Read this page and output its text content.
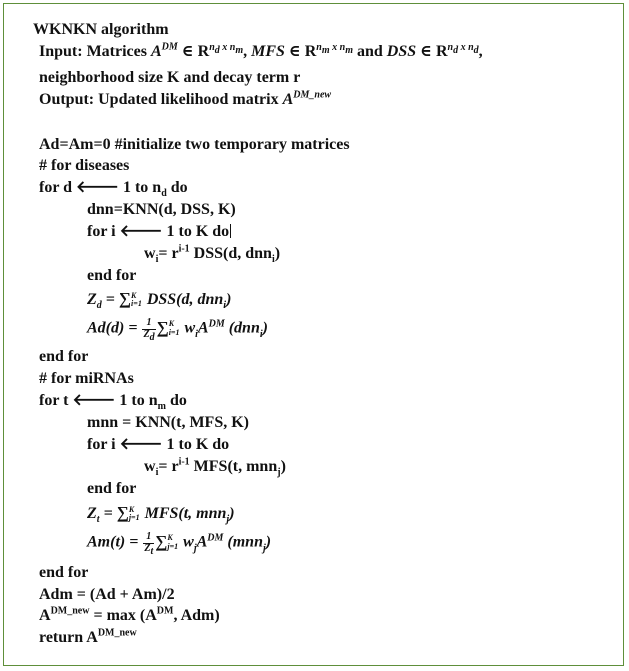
WKNKN algorithm
Input: Matrices $A^{DM}$ ∈ $R^{n_d x n_m}$, MFS ∈ $R^{n_m x n_m}$ and DSS ∈ $R^{n_d x n_d}$,
neighborhood size K and decay term r
Output: Updated likelihood matrix $A^{DM\_new}$
Ad=Am=0 #initialize two temporary matrices
# for diseases
for d 🡐 1 to $n_d$ do
dnn=KNN(d, DSS, K)
for i 🡐 1 to K do
$w_i= r^{i-1}$ DSS(d, dnn$_i$)
end for
$Z_d$ = ∑ K
i=1 DSS(d, dnn$_i$)
$Ad(d) = \frac{1}{Z_d}$ ∑ K
i=1 $w_iA^{DM}$ (dnn$_i$)
end for
# for miRNAs
for t 🡐 1 to $n_m$ do
mnn = KNN(t, MFS, K)
for i 🡐 1 to K do
$w_i= r^{i-1}$ MFS(t, mnn$_j$)
end for
$Z_t$ = ∑ K
j=1 MFS(t, mnn$_j$)
$Am(t) = \frac{1}{Z_t}$ ∑ K
j=1 $w_jA^{DM}$ (mnn$_j$)
end for
Adm = (Ad + Am)/2
$A^{DM\_new} = \max (A^{DM}$, Adm)
return $A^{DM\_new}$
